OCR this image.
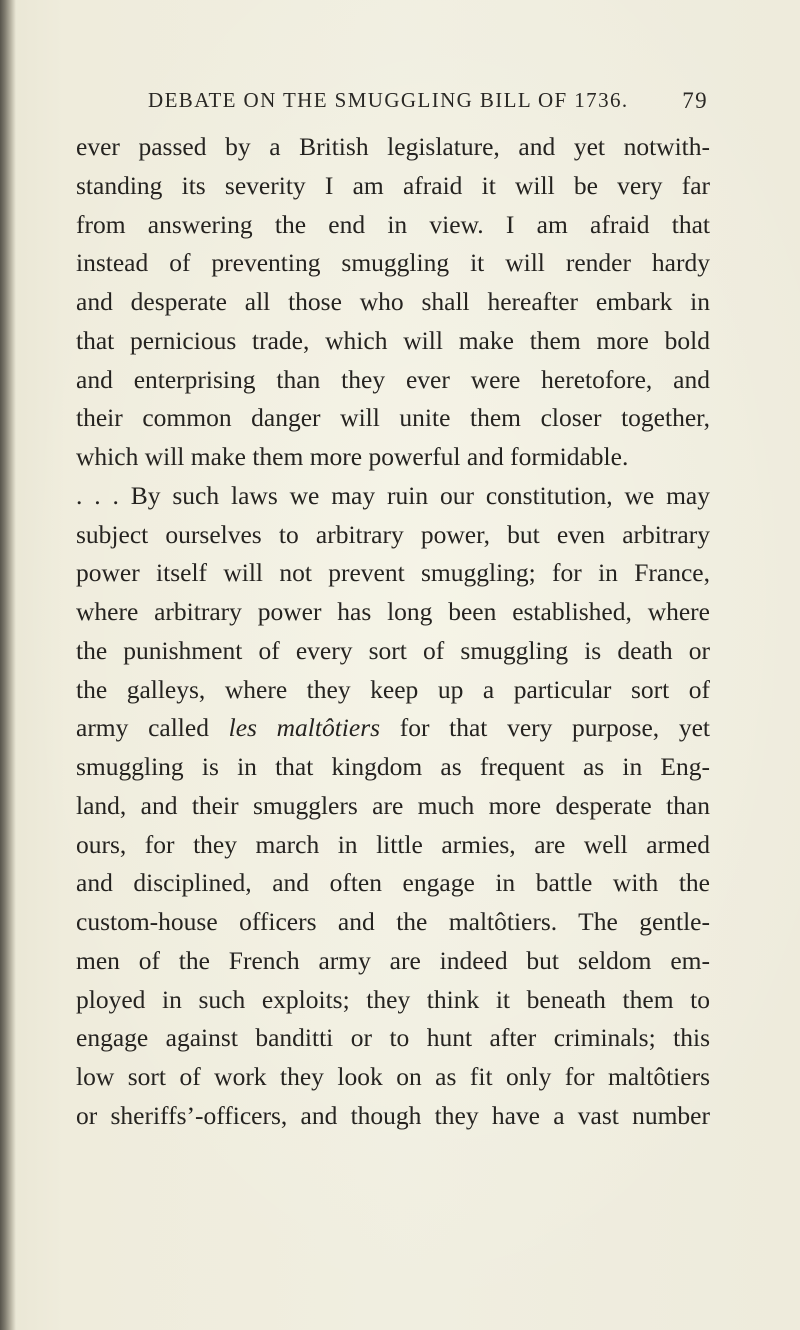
DEBATE ON THE SMUGGLING BILL OF 1736. 79
ever passed by a British legislature, and yet notwith-
standing its severity I am afraid it will be very far
from answering the end in view. I am afraid that
instead of preventing smuggling it will render hardy
and desperate all those who shall hereafter embark in
that pernicious trade, which will make them more bold
and enterprising than they ever were heretofore, and
their common danger will unite them closer together,
which will make them more powerful and formidable.
. . . By such laws we may ruin our constitution, we may
subject ourselves to arbitrary power, but even arbitrary
power itself will not prevent smuggling; for in France,
where arbitrary power has long been established, where
the punishment of every sort of smuggling is death or
the galleys, where they keep up a particular sort of
army called les maltôtiers for that very purpose, yet
smuggling is in that kingdom as frequent as in Eng-
land, and their smugglers are much more desperate than
ours, for they march in little armies, are well armed
and disciplined, and often engage in battle with the
custom-house officers and the maltôtiers. The gentle-
men of the French army are indeed but seldom em-
ployed in such exploits; they think it beneath them to
engage against banditti or to hunt after criminals; this
low sort of work they look on as fit only for maltôtiers
or sheriffs’-officers, and though they have a vast number
